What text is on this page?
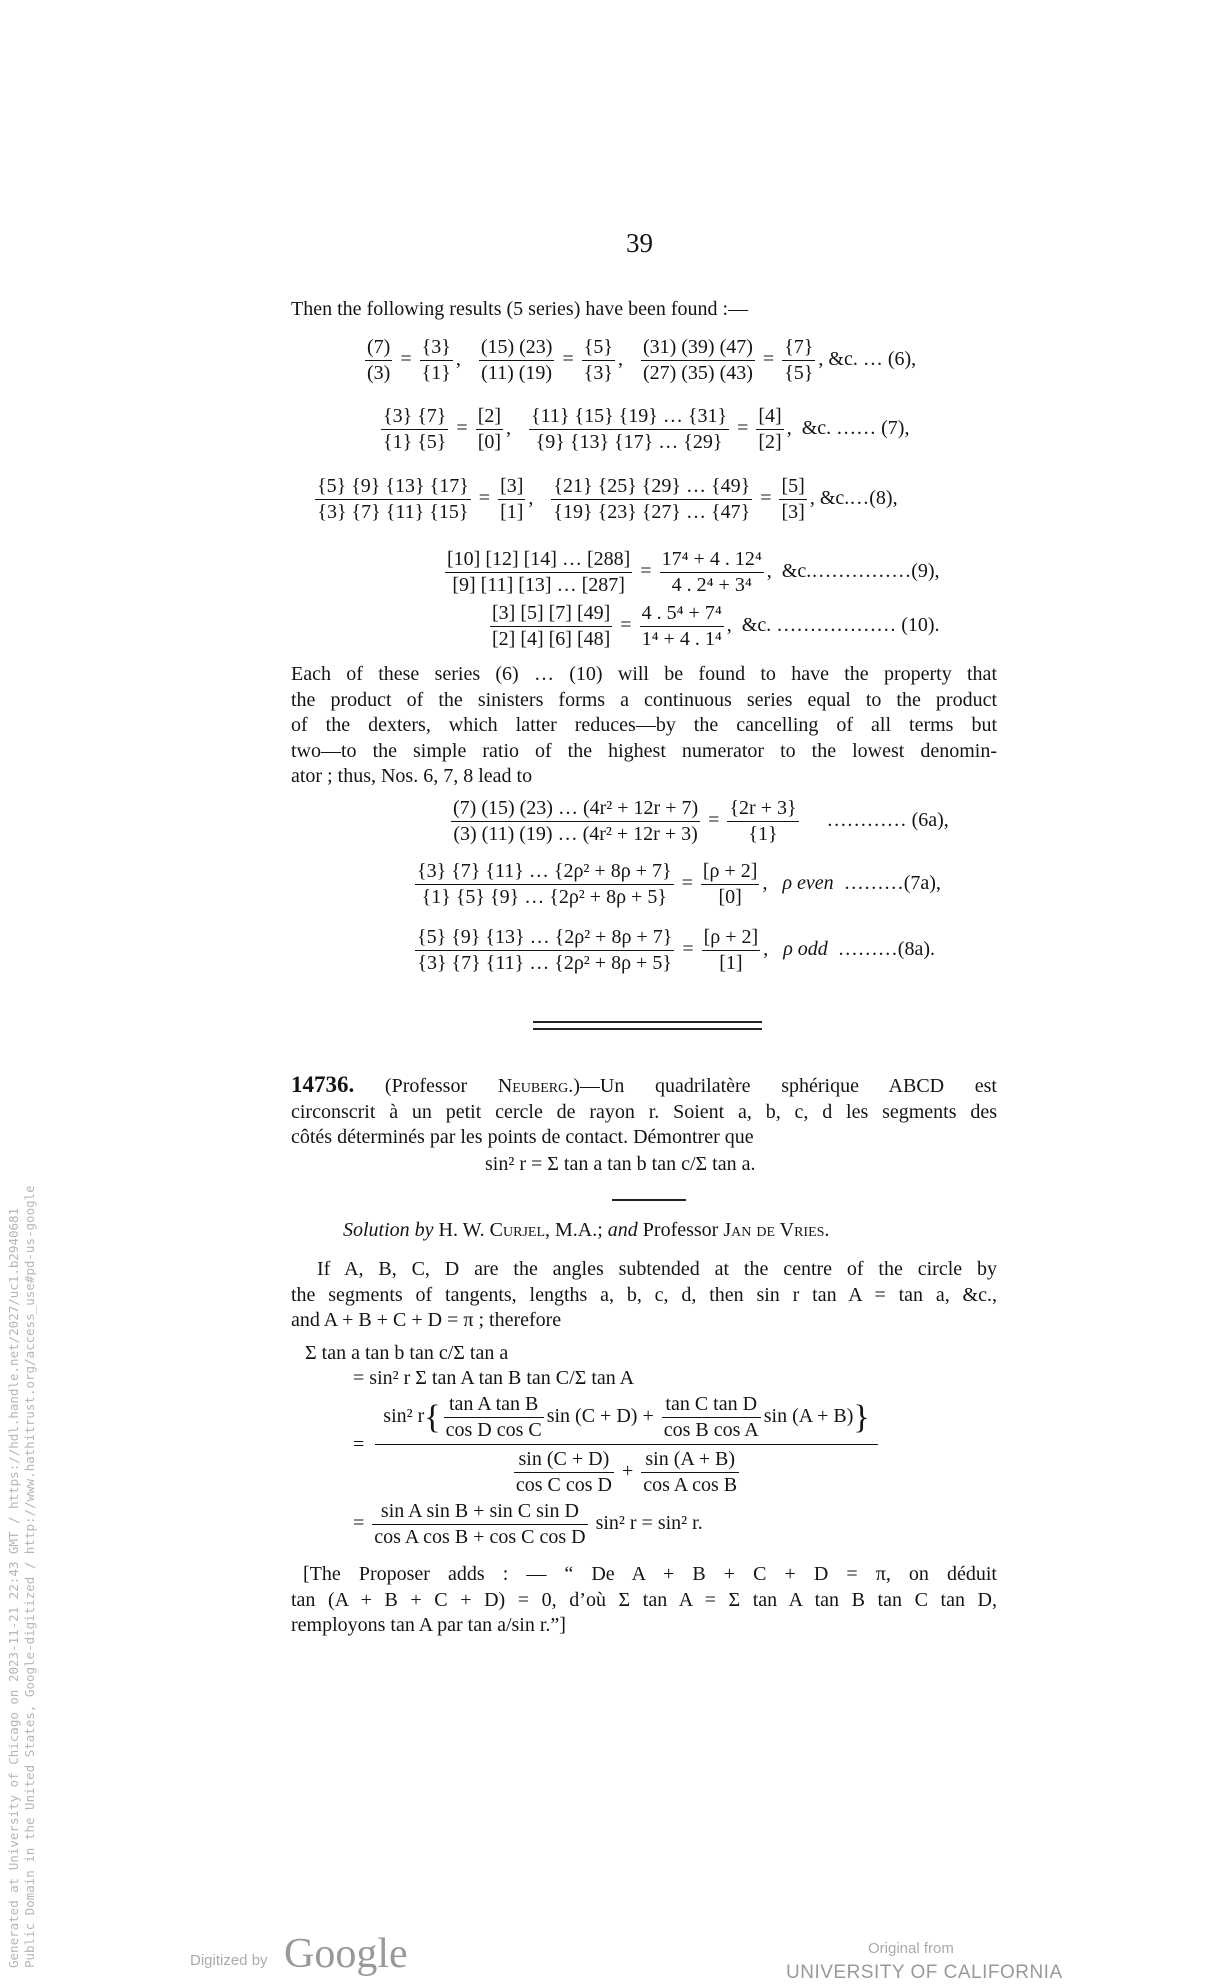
39
Then the following results (5 series) have been found :—
$\frac{(7)}{(3)} = \frac{\{3\}}{\{1\}}$ , $\frac{(15) (23)}{(11) (19)} = \frac{\{5\}}{\{3\}}$ , $\frac{(31) (39) (47)}{(27) (35) (43)} = \frac{\{7\}}{\{5\}}$ , &c. … (6),
$\frac{\{3\} \{7\}}{\{1\} \{5\}} = \frac{[2]}{[0]}$ , $\frac{\{11\} \{15\} \{19\} \dots \{31\}}{\{9\} \{13\} \{17\} \dots \{29\}} = \frac{[4]}{[2]}$ ,  &c. …… (7),
$\frac{\{5\} \{9\} \{13\} \{17\}}{\{3\} \{7\} \{11\} \{15\}} = \frac{[3]}{[1]}$ , $\frac{\{21\} \{25\} \{29\} \dots \{49\}}{\{19\} \{23\} \{27\} \dots \{47\}} = \frac{[5]}{[3]}$ , &c.…(8),
$\frac{[10] [12] [14] \dots [288]}{[9] [11] [13] \dots [287]} = \frac{\text{17⁴ + 4 . 12⁴}}{\text{4 . 2⁴ + 3⁴}}$ ,  &c.……………(9),
$\frac{[3] [5] [7] [49]}{[2] [4] [6] [48]} = \frac{\text{4 . 5⁴ + 7⁴}}{\text{1⁴ + 4 . 1⁴}}$ ,  &c. ……………… (10).
Each of these series (6) … (10) will be found to have the property that
the product of the sinisters forms a continuous series equal to the product
of the dexters, which latter reduces—by the cancelling of all terms but
two—to the simple ratio of the highest numerator to the lowest denomin-
ator ; thus, Nos. 6, 7, 8 lead to
$\frac{\text{(7) (15) (23) … (4r² + 12r + 7)}}{\text{(3) (11) (19) … (4r² + 12r + 3)}} = \frac{\{2r + 3\}}{\{1\}}$ ………… (6a),
$\frac{\text{\{3\} \{7\} \{11\} … \{2ρ² + 8ρ + 7\}}}{\text{\{1\} \{5\} \{9\} … \{2ρ² + 8ρ + 5\}}} = \frac{[\rho + 2]}{[0]}$ ,   ρ even ………(7a),
$\frac{\text{\{5\} \{9\} \{13\} … \{2ρ² + 8ρ + 7\}}}{\text{\{3\} \{7\} \{11\} … \{2ρ² + 8ρ + 5\}}} = \frac{[\rho + 2]}{[1]}$ ,   ρ odd ………(8a).
14736. (Professor Neuberg.)—Un quadrilatère sphérique ABCD est
circonscrit à un petit cercle de rayon r. Soient a, b, c, d les segments des
côtés déterminés par les points de contact. Démontrer que
sin² r = Σ tan a tan b tan c/Σ tan a.
Solution by H. W. Curjel, M.A.; and Professor Jan de Vries.
If A, B, C, D are the angles subtended at the centre of the circle by
the segments of tangents, lengths a, b, c, d, then sin r tan A = tan a, &c.,
and A + B + C + D = π ; therefore
Σ tan a tan b tan c/Σ tan a
= sin² r Σ tan A tan B tan C/Σ tan A
=
sin² $r\{ \frac{\text{tan A tan B}}{\text{cos D cos C}}$ $\sin (C + D) + \frac{\text{tan C tan D}}{\text{cos B cos A}}$ sin (A + B)}
$\frac{\sin (C + D)}{\text{cos C cos D}} + \frac{\sin (A + B)}{\text{cos A cos B}}$
= $\frac{\text{sin A sin B + sin C sin D}}{\text{cos A cos B + cos C cos D}} \sin^2$ r = sin² r.
[The Proposer adds : — “ De A + B + C + D = π, on déduit
tan (A + B + C + D) = 0, d’où Σ tan A = Σ tan A tan B tan C tan D,
remployons tan A par tan a/sin r.”]
Digitized by Google	Original from
UNIVERSITY OF CALIFORNIA
Generated at University of Chicago on 2023-11-21 22:43 GMT / https://hdl.handle.net/2027/uc1.b2940681 Public Domain in the United States, Google-digitized / http://www.hathitrust.org/access_use#pd-us-google
